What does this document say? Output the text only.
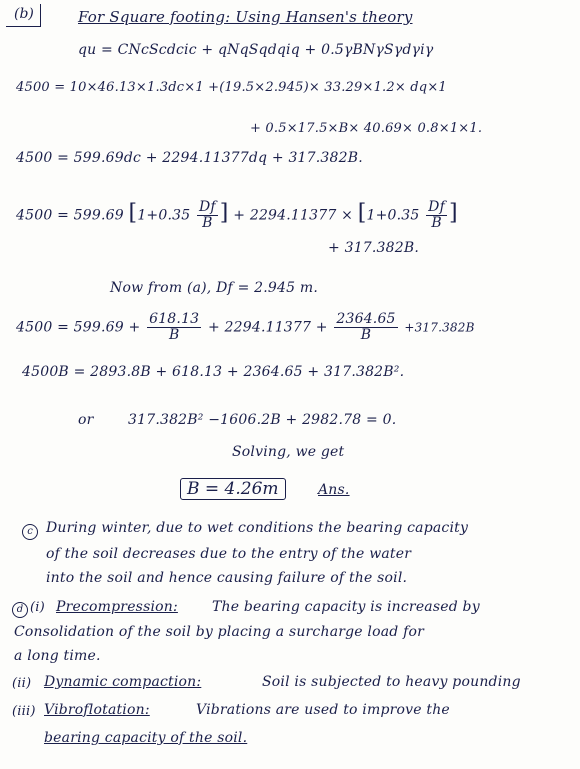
(b)	For Square footing: Using Hansen's theory
qu = CNcScdcic + qNqSqdqiq + 0.5γBNγSγdγiγ
4500 = 10×46.13×1.3dc×1 +(19.5×2.945)× 33.29×1.2× dq×1
+ 0.5×17.5×B× 40.69× 0.8×1×1.
4500 = 599.69dc + 2294.11377dq + 317.382B.
4500 = 599.69 [$1+0.35 \frac{Df}{B}$ ] + $2294.11377 \times [1+0.35 \frac{Df}{B}$ ]
+ 317.382B.
Now from (a), Df = 2.945 m.
$4500 = 599.69 + \frac{618.13}{B} + 2294.11377 + \frac{2364.65}{B} +317.382B$
4500B = 2893.8B + 618.13 + 2364.65 + 317.382B².
or 317.382B² −1606.2B + 2982.78 = 0.
Solving, we get
B = 4.26m	Ans.
c During winter, due to wet conditions the bearing capacity
of the soil decreases due to the entry of the water
into the soil and hence causing failure of the soil.
d (i) Precompression: The bearing capacity is increased by
Consolidation of the soil by placing a surcharge load for
a long time.
(ii) Dynamic compaction:	Soil is subjected to heavy pounding
(iii) Vibroflotation:	Vibrations are used to improve the
bearing capacity of the soil.
